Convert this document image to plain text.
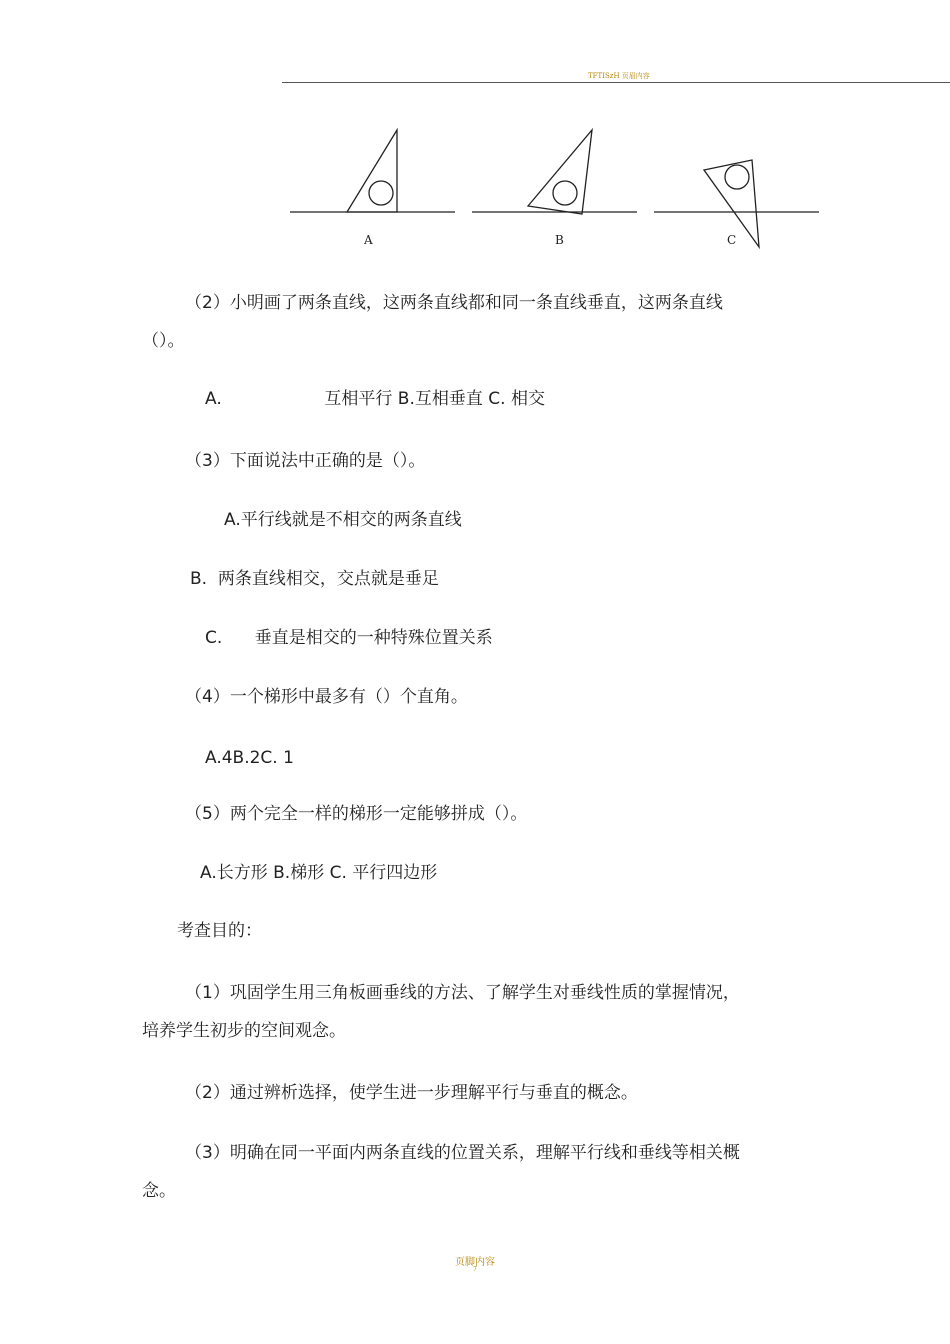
TFTISzH 页眉内容
A	B	C

（2）小明画了两条直线，这两条直线都和同一条直线垂直，这两条直线

（）。

A.                   互相平行 B.互相垂直 C. 相交

（3）下面说法中正确的是（）。

A.平行线就是不相交的两条直线

B.  两条直线相交，交点就是垂足

C.      垂直是相交的一种特殊位置关系

（4）一个梯形中最多有（）个直角。

A.4B.2C. 1

（5）两个完全一样的梯形一定能够拼成（）。

A.长方形 B.梯形 C. 平行四边形

考查目的：

（1）巩固学生用三角板画垂线的方法、了解学生对垂线性质的掌握情况，

培养学生初步的空间观念。

（2）通过辨析选择，使学生进一步理解平行与垂直的概念。

（3）明确在同一平面内两条直线的位置关系，理解平行线和垂线等相关概

念。

页脚内容
7
